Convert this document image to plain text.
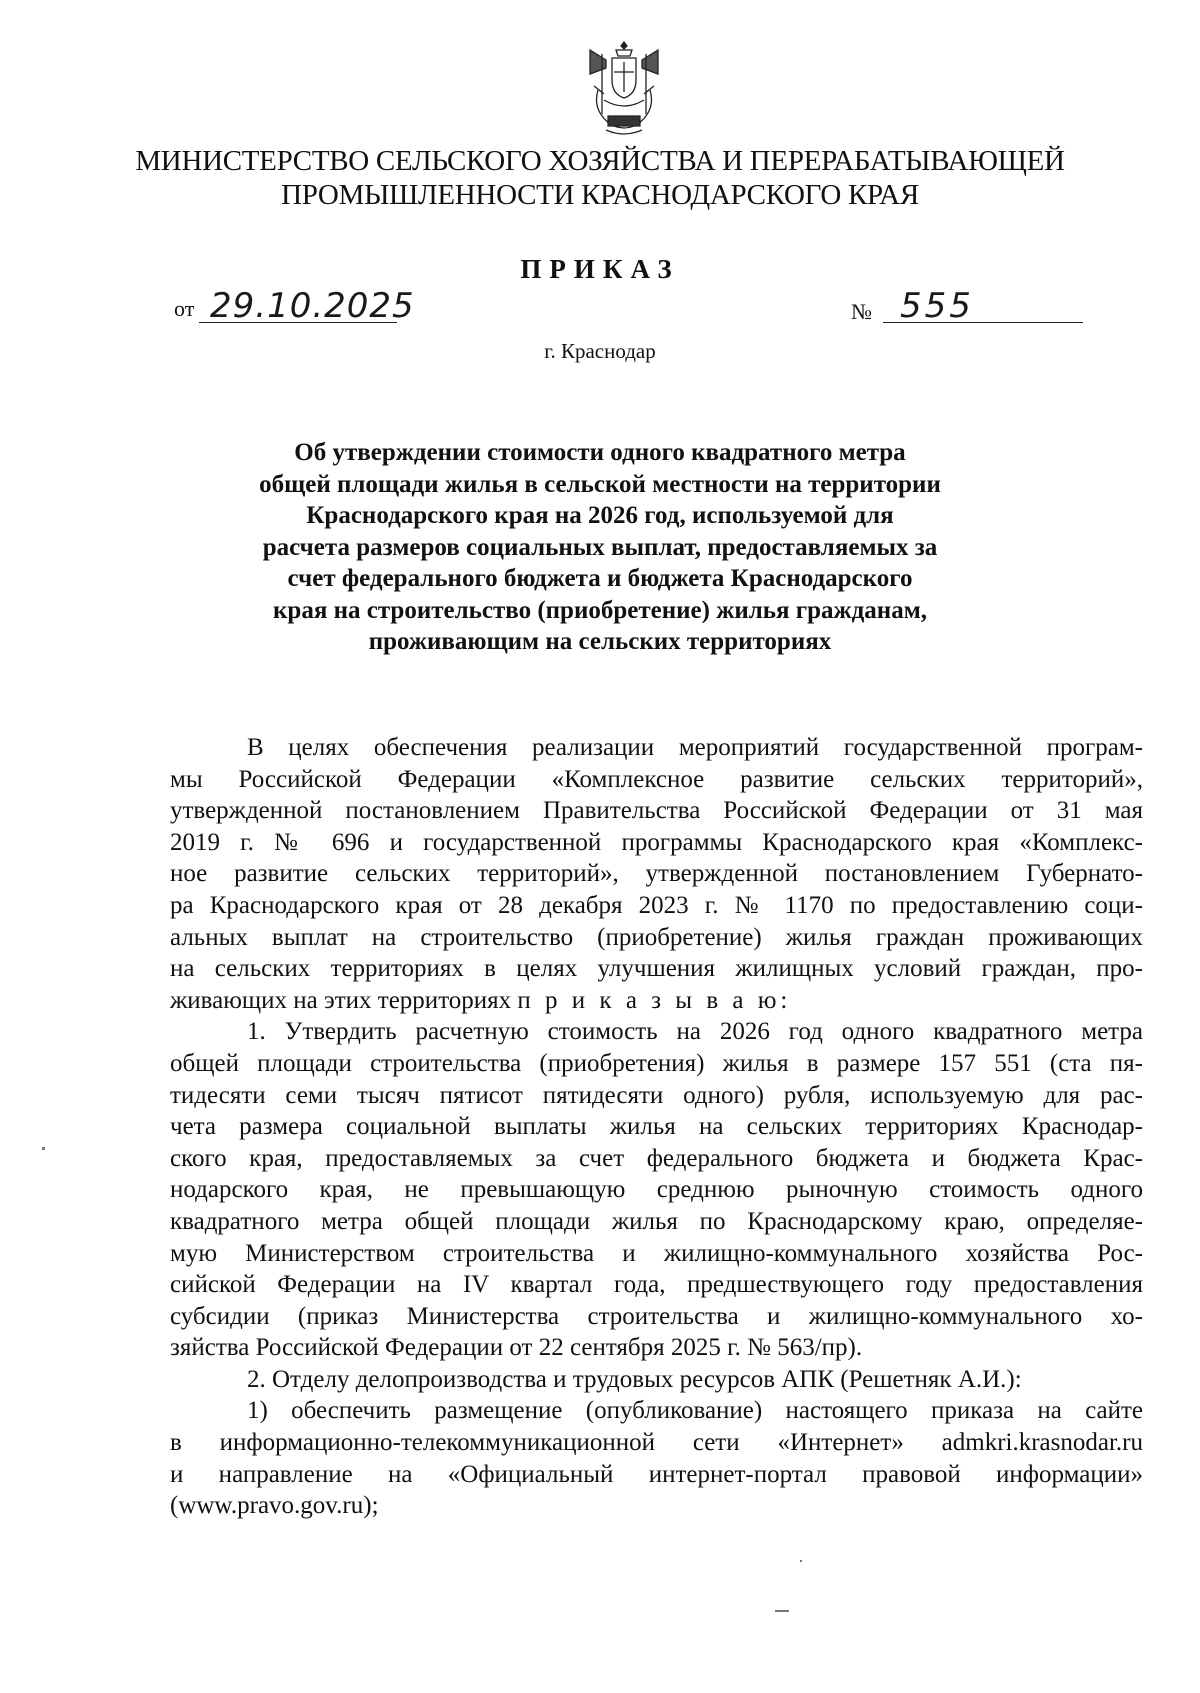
МИНИСТЕРСТВО СЕЛЬСКОГО ХОЗЯЙСТВА И ПЕРЕРАБАТЫВАЮЩЕЙ
ПРОМЫШЛЕННОСТИ КРАСНОДАРСКОГО КРАЯ
ПРИКАЗ
от 29.10.2025	№ 555
г. Краснодар
Об утверждении стоимости одного квадратного метра
общей площади жилья в сельской местности на территории
Краснодарского края на 2026 год, используемой для
расчета размеров социальных выплат, предоставляемых за
счет федерального бюджета и бюджета Краснодарского
края на строительство (приобретение) жилья гражданам,
проживающим на сельских территориях
В целях обеспечения реализации мероприятий государственной програм-
мы Российской Федерации «Комплексное развитие сельских территорий»,
утвержденной постановлением Правительства Российской Федерации от 31 мая
2019 г. № 696 и государственной программы Краснодарского края «Комплекс-
ное развитие сельских территорий», утвержденной постановлением Губернато-
ра Краснодарского края от 28 декабря 2023 г. № 1170 по предоставлению соци-
альных выплат на строительство (приобретение) жилья граждан проживающих
на сельских территориях в целях улучшения жилищных условий граждан, про-
живающих на этих территориях п р и к а з ы в а ю:
1. Утвердить расчетную стоимость на 2026 год одного квадратного метра
общей площади строительства (приобретения) жилья в размере 157 551 (ста пя-
тидесяти семи тысяч пятисот пятидесяти одного) рубля, используемую для рас-
чета размера социальной выплаты жилья на сельских территориях Краснодар-
ского края, предоставляемых за счет федерального бюджета и бюджета Крас-
нодарского края, не превышающую среднюю рыночную стоимость одного
квадратного метра общей площади жилья по Краснодарскому краю, определяе-
мую Министерством строительства и жилищно-коммунального хозяйства Рос-
сийской Федерации на IV квартал года, предшествующего году предоставления
субсидии (приказ Министерства строительства и жилищно-коммунального хо-
зяйства Российской Федерации от 22 сентября 2025 г. № 563/пр).
2. Отделу делопроизводства и трудовых ресурсов АПК (Решетняк А.И.):
1) обеспечить размещение (опубликование) настоящего приказа на сайте
в информационно-телекоммуникационной сети «Интернет» admkri.krasnodar.ru
и направление на «Официальный интернет-портал правовой информации»
(www.pravo.gov.ru);
